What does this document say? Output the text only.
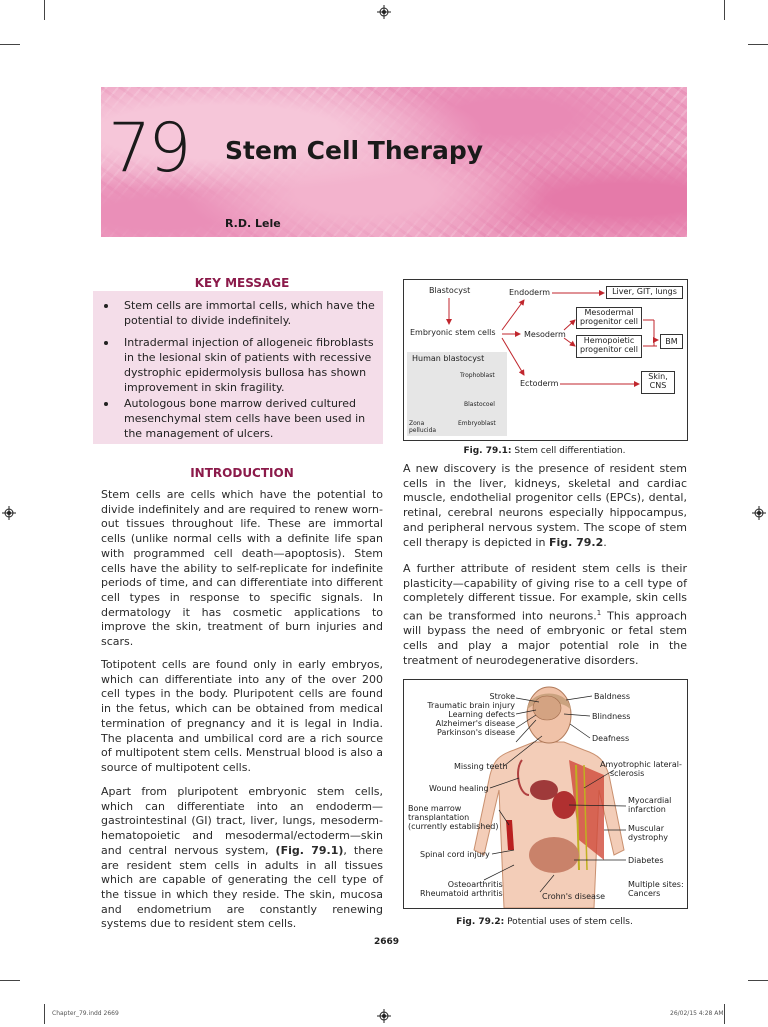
79 Stem Cell Therapy
R.D. Lele
KEY MESSAGE
Stem cells are immortal cells, which have the potential to divide indefinitely.
Intradermal injection of allogeneic fibroblasts in the lesional skin of patients with recessive dystrophic epidermolysis bullosa has shown improvement in skin fragility.
Autologous bone marrow derived cultured mesenchymal stem cells have been used in the management of ulcers.
INTRODUCTION
Stem cells are cells which have the potential to divide indefinitely and are required to renew worn-out tissues throughout life. These are immortal cells (unlike normal cells with a definite life span with programmed cell death—apoptosis). Stem cells have the ability to self-replicate for indefinite periods of time, and can differentiate into different cell types in response to specific signals. In dermatology it has cosmetic applications to improve the skin, treatment of burn injuries and scars.
Totipotent cells are found only in early embryos, which can differentiate into any of the over 200 cell types in the body. Pluripotent cells are found in the fetus, which can be obtained from medical termination of pregnancy and it is legal in India. The placenta and umbilical cord are a rich source of multipotent stem cells. Menstrual blood is also a source of multipotent cells.
Apart from pluripotent embryonic stem cells, which can differentiate into an endoderm—gastrointestinal (GI) tract, liver, lungs, mesoderm-hematopoietic and mesodermal/ectoderm—skin and central nervous system, (Fig. 79.1), there are resident stem cells in adults in all tissues which are capable of generating the cell type of the tissue in which they reside. The skin, mucosa and endometrium are constantly renewing systems due to resident stem cells.
A new discovery is the presence of resident stem cells in the liver, kidneys, skeletal and cardiac muscle, endothelial progenitor cells (EPCs), dental, retinal, cerebral neurons especially hippocampus, and peripheral nervous system. The scope of stem cell therapy is depicted in Fig. 79.2.
A further attribute of resident stem cells is their plasticity—capability of giving rise to a cell type of completely different tissue. For example, skin cells can be transformed into neurons.$^1$ This approach will bypass the need of embryonic or fetal stem cells and play a major potential role in the treatment of neurodegenerative disorders.
Blastocyst	Endoderm	Liver, GIT, lungs
Embryonic stem cells	Mesoderm
Mesodermal progenitor cell
Hemopoietic progenitor cell
BM
Ectoderm
Skin, CNS
Human blastocyst
Trophoblast
Blastocoel
Embryoblast
Zona pellucida
Fig. 79.1: Stem cell differentiation.
Stroke
Traumatic brain injury
Learning defects
Alzheimer's disease
Parkinson's disease
Missing teeth
Wound healing
Bone marrow
transplantation
(currently established)
Spinal cord injury
Osteoarthritis
Rheumatoid arthritis	Crohn's disease
Baldness
Blindness
Deafness
Amyotrophic lateral-
sclerosis
Myocardial
infarction
Muscular
dystrophy
Diabetes
Multiple sites:
Cancers
Fig. 79.2: Potential uses of stem cells.
2669
Chapter_79.indd 2669	26/02/15 4:28 AM
